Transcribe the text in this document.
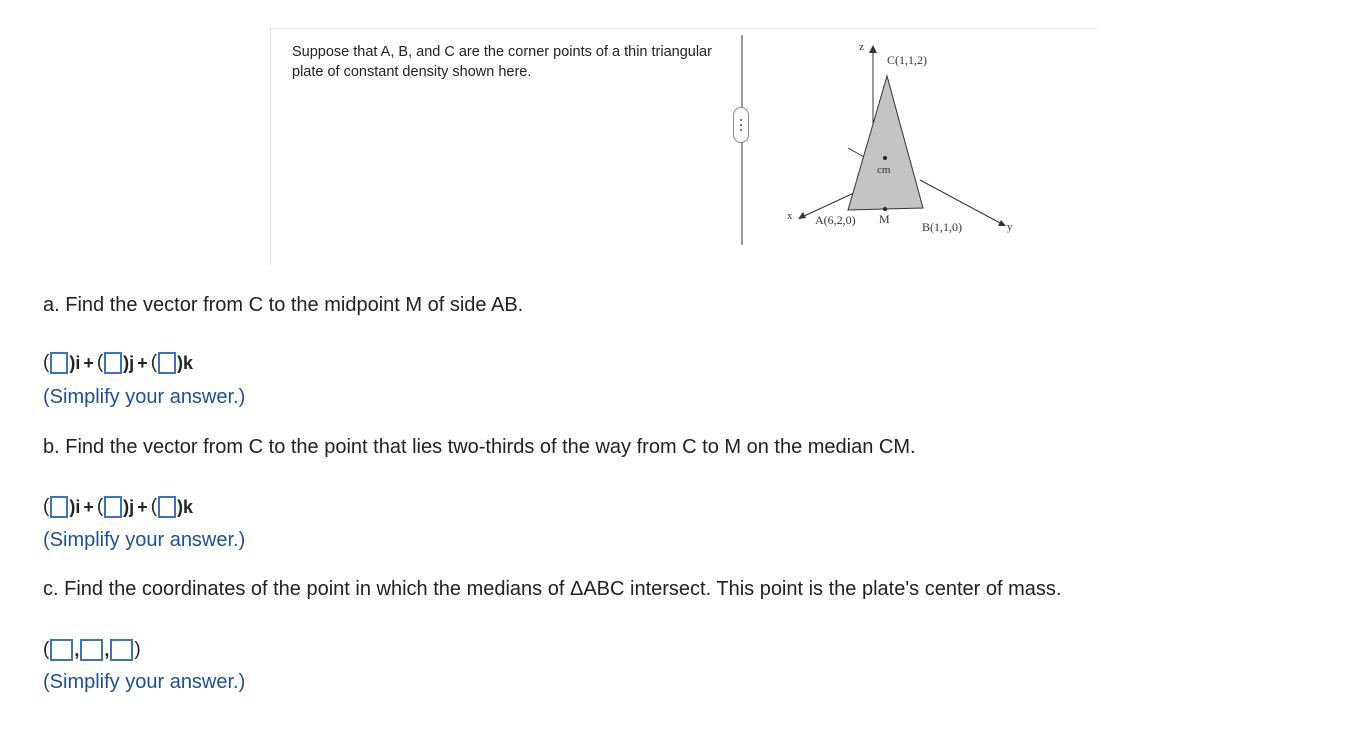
Suppose that A, B, and C are the corner points of a thin triangular plate of constant density shown here.
z
C(1,1,2)
cm
x A(6,2,0) M
B(1,1,0)	y
a. Find the vector from C to the midpoint M of side AB.
( )i + ( )j + ( )k
(Simplify your answer.)
b. Find the vector from C to the point that lies two-thirds of the way from C to M on the median CM.
( )i + ( )j + ( )k
(Simplify your answer.)
c. Find the coordinates of the point in which the medians of ΔABC intersect. This point is the plate's center of mass.
( , , )
(Simplify your answer.)
